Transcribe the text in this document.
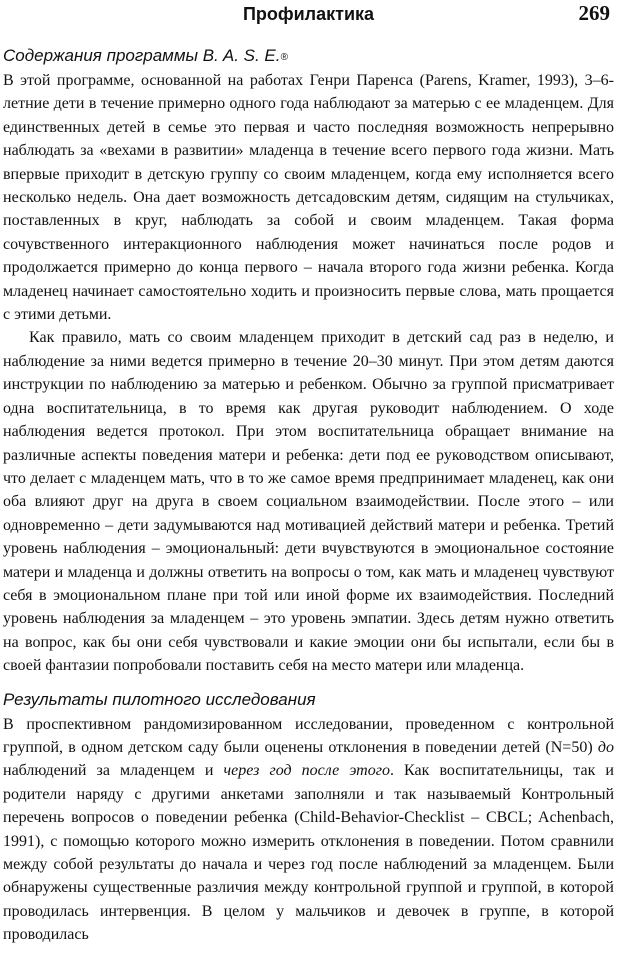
Профилактика	269
Содержания программы B. A. S. E.®

В этой программе, основанной на работах Генри Паренса (Parens, Kramer, 1993), 3–6-летние дети в течение примерно одного года наблюдают за матерью с ее младенцем. Для единственных детей в семье это первая и часто последняя возможность непрерывно наблюдать за «вехами в развитии» младенца в течение всего первого года жизни. Мать впервые приходит в детскую группу со своим младенцем, когда ему исполняется всего несколько недель. Она дает возможность детсадовским детям, сидящим на стульчиках, поставленных в круг, наблюдать за собой и своим младенцем. Такая форма сочувственного интеракционного наблюдения может начинаться после родов и продолжается примерно до конца первого – начала второго года жизни ребенка. Когда младенец начинает самостоятельно ходить и произносить первые слова, мать прощается с этими детьми.

Как правило, мать со своим младенцем приходит в детский сад раз в неделю, и наблюдение за ними ведется примерно в течение 20–30 минут. При этом детям даются инструкции по наблюдению за матерью и ребенком. Обычно за группой присматривает одна воспитательница, в то время как другая руководит наблюдением. О ходе наблюдения ведется протокол. При этом воспитательница обращает внимание на различные аспекты поведения матери и ребенка: дети под ее руководством описывают, что делает с младенцем мать, что в то же самое время предпринимает младенец, как они оба влияют друг на друга в своем социальном взаимодействии. После этого – или одновременно – дети задумываются над мотивацией действий матери и ребенка. Третий уровень наблюдения – эмоциональный: дети вчувствуются в эмоциональное состояние матери и младенца и должны ответить на вопросы о том, как мать и младенец чувствуют себя в эмоциональном плане при той или иной форме их взаимодействия. Последний уровень наблюдения за младенцем – это уровень эмпатии. Здесь детям нужно ответить на вопрос, как бы они себя чувствовали и какие эмоции они бы испытали, если бы в своей фантазии попробовали поставить себя на место матери или младенца.

Результаты пилотного исследования

В проспективном рандомизированном исследовании, проведенном с контрольной группой, в одном детском саду были оценены отклонения в поведении детей (N=50) до наблюдений за младенцем и через год после этого. Как воспитательницы, так и родители наряду с другими анкетами заполняли и так называемый Контрольный перечень вопросов о поведении ребенка (Child-Behavior-Checklist – CBCL; Achenbach, 1991), с помощью которого можно измерить отклонения в поведении. Потом сравнили между собой результаты до начала и через год после наблюдений за младенцем. Были обнаружены существенные различия между контрольной группой и группой, в которой проводилась интервенция. В целом у мальчиков и девочек в группе, в которой проводилась
